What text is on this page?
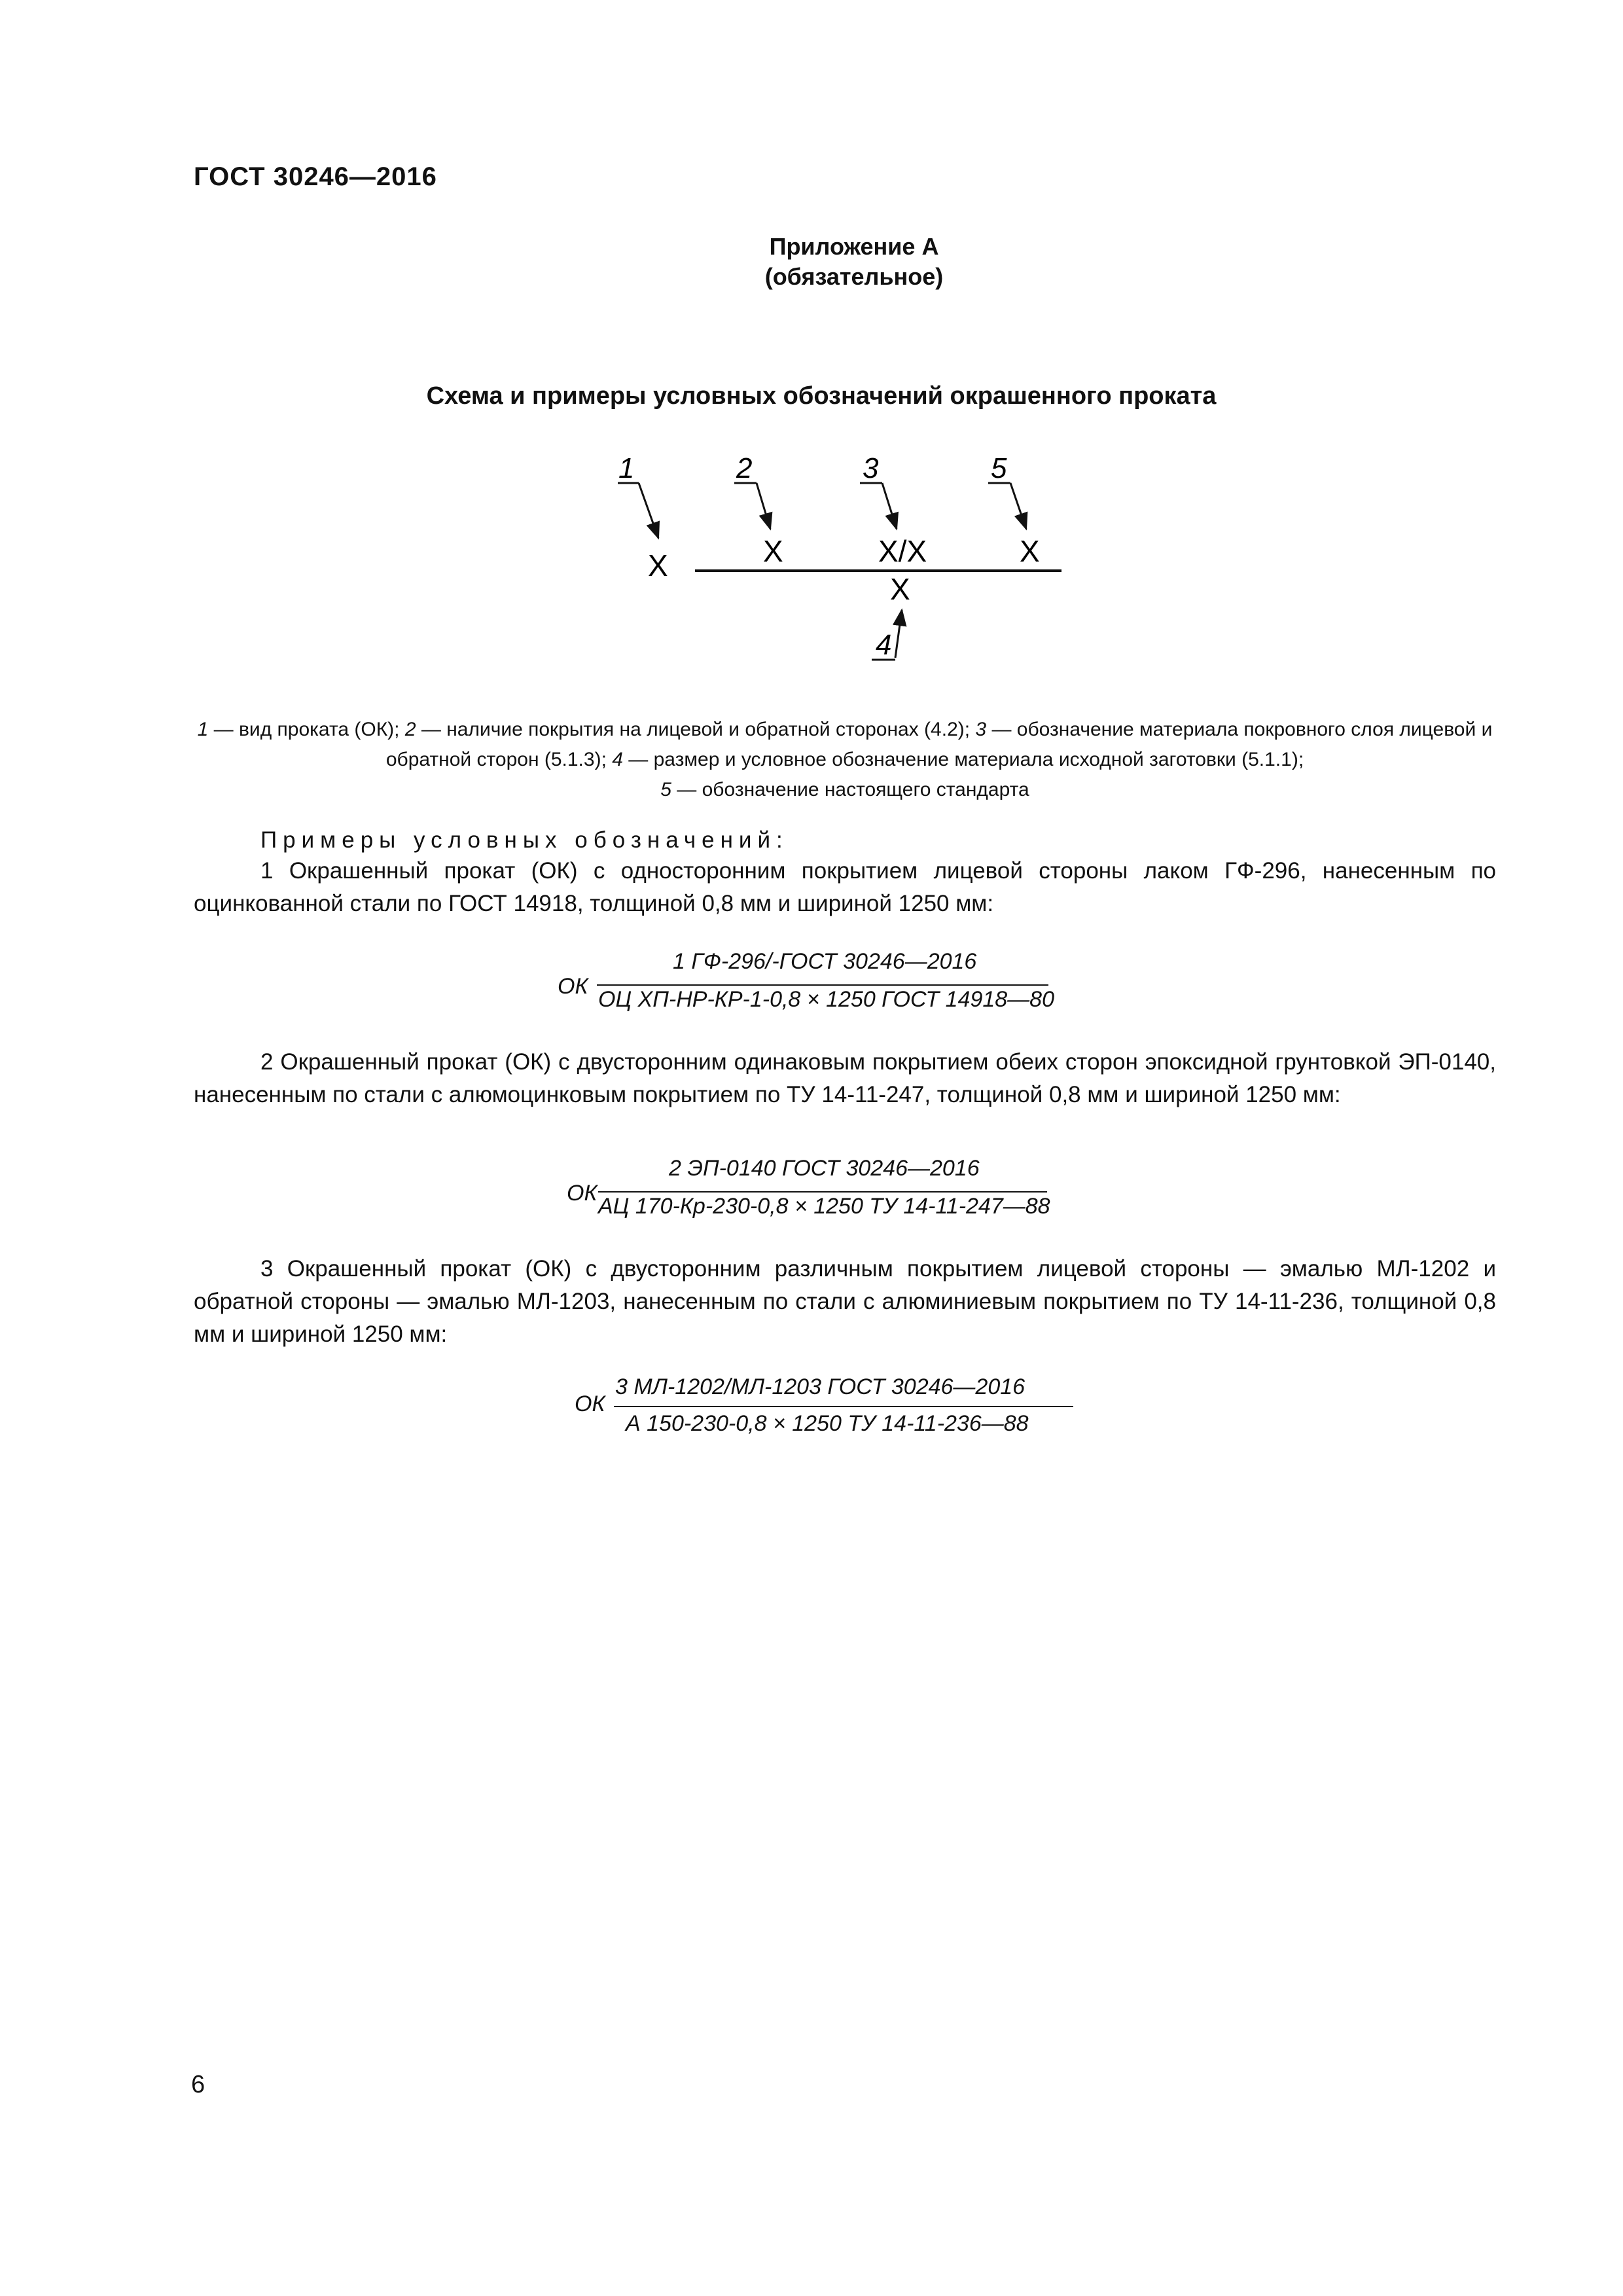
ГОСТ 30246—2016
Приложение А
(обязательное)
Схема и примеры условных обозначений окрашенного проката
1
X
2
X
3
X/X
5
X
X
4
1 — вид проката (ОК); 2 — наличие покрытия на лицевой и обратной сторонах (4.2); 3 — обозначение материала покровного слоя лицевой и обратной сторон (5.1.3); 4 — размер и условное обозначение материала исходной заготовки (5.1.1);
5 — обозначение настоящего стандарта
Примеры условных обозначений:
1 Окрашенный прокат (ОК) с односторонним покрытием лицевой стороны лаком ГФ-296, нанесенным по оцинкованной стали по ГОСТ 14918, толщиной 0,8 мм и шириной 1250 мм:
ОК
1 ГФ-296/-ГОСТ 30246—2016
ОЦ ХП-НР-КР-1-0,8 × 1250 ГОСТ 14918—80
2 Окрашенный прокат (ОК) с двусторонним одинаковым покрытием обеих сторон эпоксидной грунтовкой ЭП-0140, нанесенным по стали с алюмоцинковым покрытием по ТУ 14-11-247, толщиной 0,8 мм и шириной 1250 мм:
ОК
2 ЭП-0140 ГОСТ 30246—2016
АЦ 170-Кр-230-0,8 × 1250 ТУ 14-11-247—88
3 Окрашенный прокат (ОК) с двусторонним различным покрытием лицевой стороны — эмалью МЛ-1202 и обратной стороны — эмалью МЛ-1203, нанесенным по стали с алюминиевым покрытием по ТУ 14-11-236, толщиной 0,8 мм и шириной 1250 мм:
ОК
3 МЛ-1202/МЛ-1203 ГОСТ 30246—2016
А 150-230-0,8 × 1250 ТУ 14-11-236—88
6
